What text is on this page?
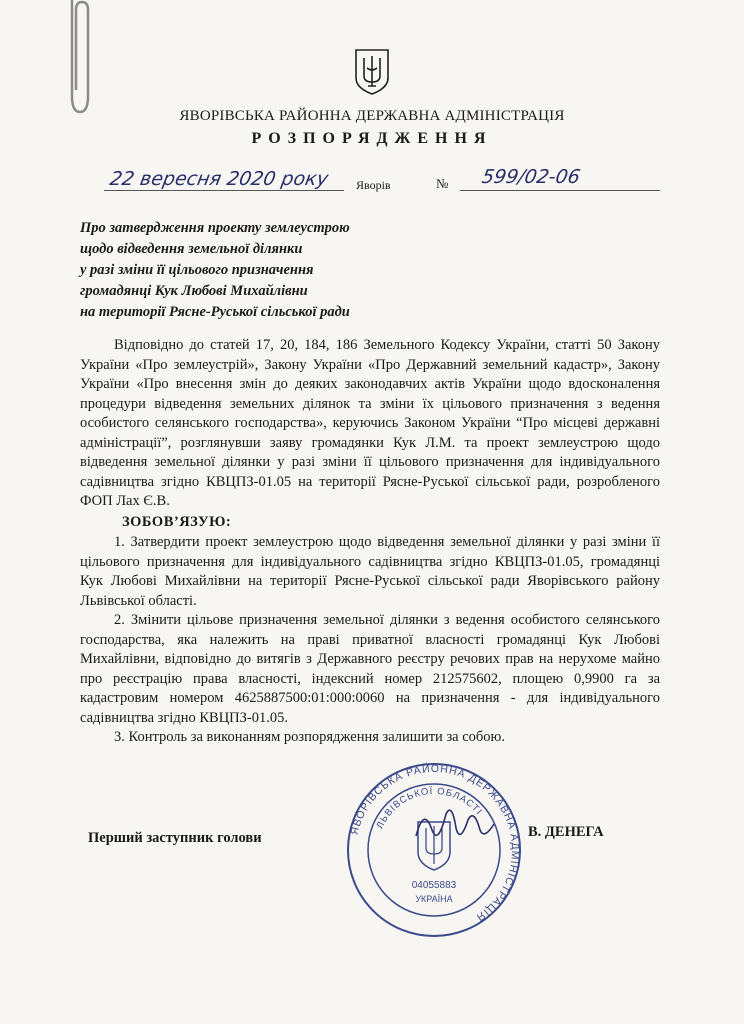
ЯВОРІВСЬКА РАЙОННА ДЕРЖАВНА АДМІНІСТРАЦІЯ
РОЗПОРЯДЖЕННЯ
22 вересня 2020 року Яворів	№ 599/02-06
Про затвердження проекту землеустрою
щодо відведення земельної ділянки
у разі зміни її цільового призначення
громадянці Кук Любові Михайлівни
на території Рясне-Руської сільської ради

Відповідно до статей 17, 20, 184, 186 Земельного Кодексу України, статті 50 Закону України «Про землеустрій», Закону України «Про Державний земельний кадастр», Закону України «Про внесення змін до деяких законодавчих актів України щодо вдосконалення процедури відведення земельних ділянок та зміни їх цільового призначення з ведення особистого селянського господарства», керуючись Законом України “Про місцеві державні адміністрації”, розглянувши заяву громадянки Кук Л.М. та проект землеустрою щодо відведення земельної ділянки у разі зміни її цільового призначення для індивідуального садівництва згідно КВЦПЗ-01.05 на території Рясне-Руської сільської ради, розробленого ФОП Лах Є.В.

ЗОБОВ’ЯЗУЮ:

1. Затвердити проект землеустрою щодо відведення земельної ділянки у разі зміни її цільового призначення для індивідуального садівництва згідно КВЦПЗ-01.05, громадянці Кук Любові Михайлівни на території Рясне-Руської сільської ради Яворівського району Львівської області.

2. Змінити цільове призначення земельної ділянки з ведення особистого селянського господарства, яка належить на праві приватної власності громадянці Кук Любові Михайлівни, відповідно до витягів з Державного реєстру речових прав на нерухоме майно про реєстрацію права власності, індексний номер 212575602, площею 0,9900 га за кадастровим номером 4625887500:01:000:0060 на призначення - для індивідуального садівництва згідно КВЦПЗ-01.05.

3. Контроль за виконанням розпорядження залишити за собою.

ЯВОРІВСЬКА РАЙОННА ДЕРЖАВНА АДМІНІСТРАЦІЯ
ЛЬВІВСЬКОЇ ОБЛАСТІ
04055883
УКРАЇНА
Перший заступник голови	В. ДЕНЕГА
